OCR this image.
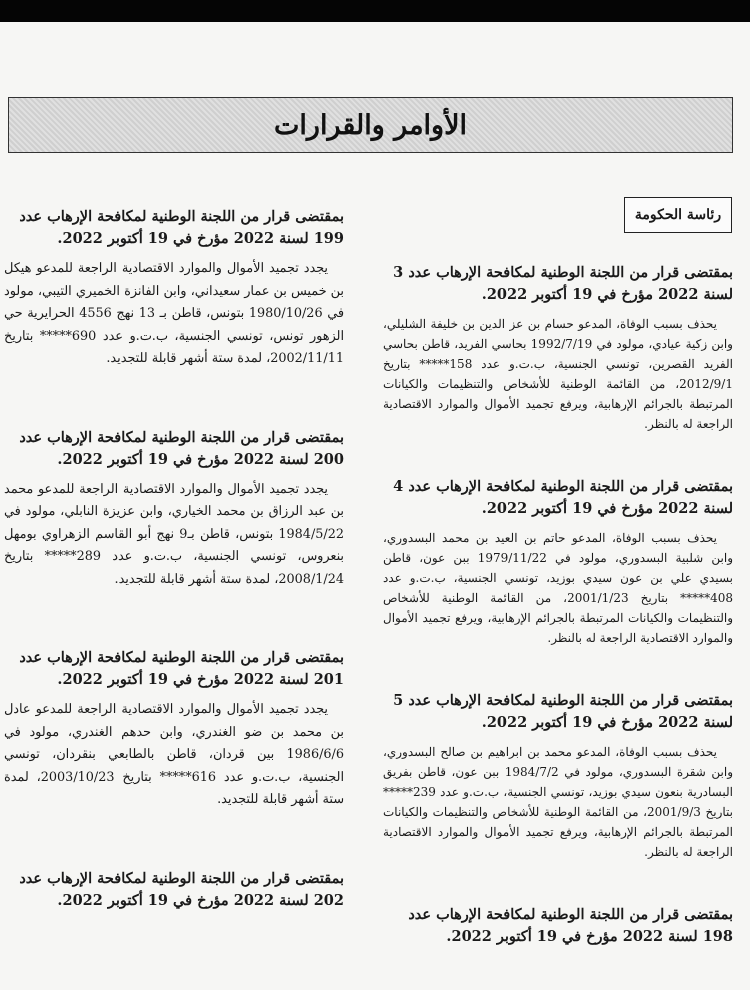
الأوامر والقرارات
رئاسة الحكومة
بمقتضى قرار من اللجنة الوطنية لمكافحة الإرهاب عدد 199 لسنة 2022 مؤرخ في 19 أكتوبر 2022.

يجدد تجميد الأموال والموارد الاقتصادية الراجعة للمدعو هيكل بن خميس بن عمار سعيداني، وابن الفانزة الخميري التيبي، مولود في 1980/10/26 بتونس، قاطن بـ 13 نهج 4556 الحرايرية حي الزهور تونس، تونسي الجنسية، ب.ت.و عدد 690***** بتاريخ 2002/11/11، لمدة ستة أشهر قابلة للتجديد.

بمقتضى قرار من اللجنة الوطنية لمكافحة الإرهاب عدد 200 لسنة 2022 مؤرخ في 19 أكتوبر 2022.

يجدد تجميد الأموال والموارد الاقتصادية الراجعة للمدعو محمد بن عبد الرزاق بن محمد الخياري، وابن عزيزة النابلي، مولود في 1984/5/22 بتونس، قاطن بـ9 نهج أبو القاسم الزهراوي بومهل بنعروس، تونسي الجنسية، ب.ت.و عدد 289***** بتاريخ 2008/1/24، لمدة ستة أشهر قابلة للتجديد.

بمقتضى قرار من اللجنة الوطنية لمكافحة الإرهاب عدد 201 لسنة 2022 مؤرخ في 19 أكتوبر 2022.

يجدد تجميد الأموال والموارد الاقتصادية الراجعة للمدعو عادل بن محمد بن ضو الغندري، وابن حدهم الغندري، مولود في 1986/6/6 بين قردان، قاطن بالطابعي بنقردان، تونسي الجنسية، ب.ت.و عدد 616***** بتاريخ 2003/10/23، لمدة ستة أشهر قابلة للتجديد.

بمقتضى قرار من اللجنة الوطنية لمكافحة الإرهاب عدد 202 لسنة 2022 مؤرخ في 19 أكتوبر 2022.
بمقتضى قرار من اللجنة الوطنية لمكافحة الإرهاب عدد 3 لسنة 2022 مؤرخ في 19 أكتوبر 2022.

يحذف بسبب الوفاة، المدعو حسام بن عز الدين بن خليفة الشليلي، وابن زكية عيادي، مولود في 1992/7/19 بحاسي الفريد، قاطن بحاسي الفريد القصرين، تونسي الجنسية، ب.ت.و عدد 158***** بتاريخ 2012/9/1، من القائمة الوطنية للأشخاص والتنظيمات والكيانات المرتبطة بالجرائم الإرهابية، ويرفع تجميد الأموال والموارد الاقتصادية الراجعة له بالنظر.

بمقتضى قرار من اللجنة الوطنية لمكافحة الإرهاب عدد 4 لسنة 2022 مؤرخ في 19 أكتوبر 2022.

يحذف بسبب الوفاة، المدعو حاتم بن العيد بن محمد البسدوري، وابن شلبية البسدوري، مولود في 1979/11/22 ببن عون، قاطن بسيدي علي بن عون سيدي بوزيد، تونسي الجنسية، ب.ت.و عدد 408***** بتاريخ 2001/1/23، من القائمة الوطنية للأشخاص والتنظيمات والكيانات المرتبطة بالجرائم الإرهابية، ويرفع تجميد الأموال والموارد الاقتصادية الراجعة له بالنظر.

بمقتضى قرار من اللجنة الوطنية لمكافحة الإرهاب عدد 5 لسنة 2022 مؤرخ في 19 أكتوبر 2022.

يحذف بسبب الوفاة، المدعو محمد بن ابراهيم بن صالح البسدوري، وابن شقرة البسدوري، مولود في 1984/7/2 ببن عون، قاطن بفريق البسادرية بنعون سيدي بوزيد، تونسي الجنسية، ب.ت.و عدد 239***** بتاريخ 2001/9/3، من القائمة الوطنية للأشخاص والتنظيمات والكيانات المرتبطة بالجرائم الإرهابية، ويرفع تجميد الأموال والموارد الاقتصادية الراجعة له بالنظر.

بمقتضى قرار من اللجنة الوطنية لمكافحة الإرهاب عدد 198 لسنة 2022 مؤرخ في 19 أكتوبر 2022.
